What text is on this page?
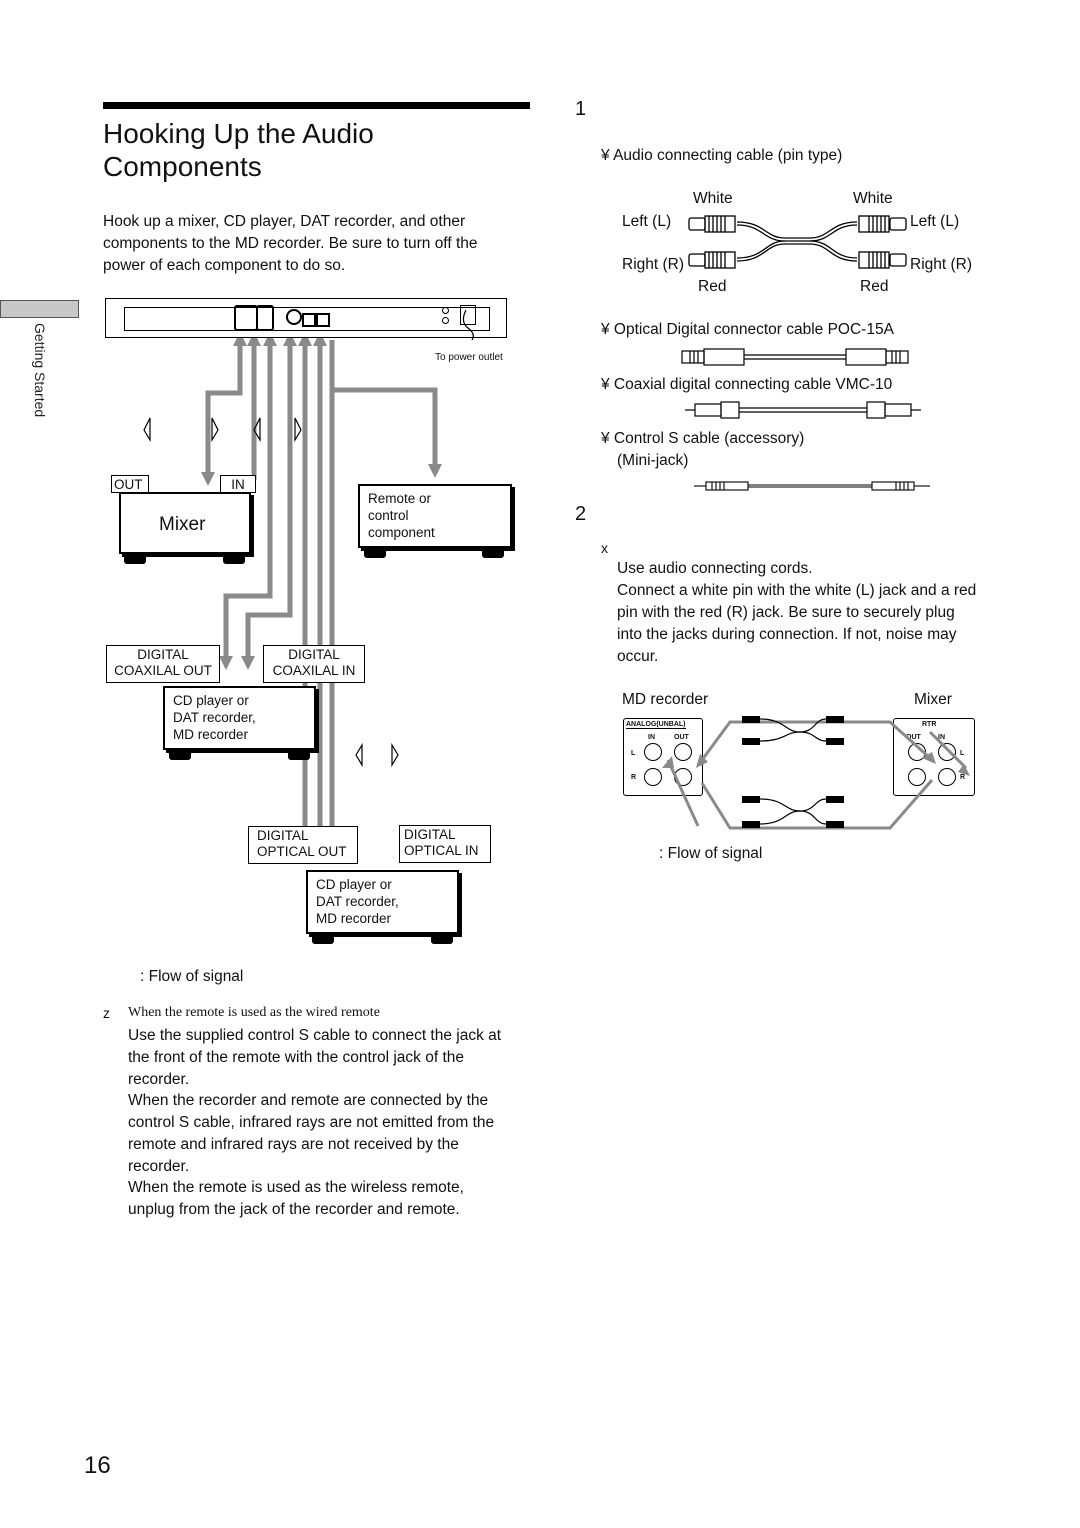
Hooking Up the Audio
Components
Hook up a mixer, CD player, DAT recorder, and other
components to the MD recorder. Be sure to turn off the
power of each component to do so.
Getting Started	To power outlet
OUT	IN
Mixer
Remote or
control
component
DIGITAL
COAXILAL OUT
DIGITAL
COAXILAL IN
CD player or
DAT recorder,
MD recorder
DIGITAL
OPTICAL OUT
DIGITAL
OPTICAL IN
CD player or
DAT recorder,
MD recorder
: Flow of signal
z When the remote is used as the wired remote
Use the supplied control S cable to connect the jack at
the front of the remote with the control jack of the
recorder.
When the recorder and remote are connected by the
control S cable, infrared rays are not emitted from the
remote and infrared rays are not received by the
recorder.
When the remote is used as the wireless remote,
unplug from the jack of the recorder and remote.
1
¥ Audio connecting cable (pin type)
White	White
Left (L)	Left (L)
Right (R)	Right (R)
Red	Red
¥ Optical Digital connector cable POC-15A
¥ Coaxial digital connecting cable VMC-10
¥ Control S cable (accessory)
(Mini-jack)
2
x
Use audio connecting cords.
Connect a white pin with the white (L) jack and a red
pin with the red (R) jack. Be sure to securely plug
into the jacks during connection. If not, noise may
occur.
MD recorder	Mixer
ANALOG(UNBAL)
IN	OUT
L
R
RTR
OUT IN
L
R
: Flow of signal
16
